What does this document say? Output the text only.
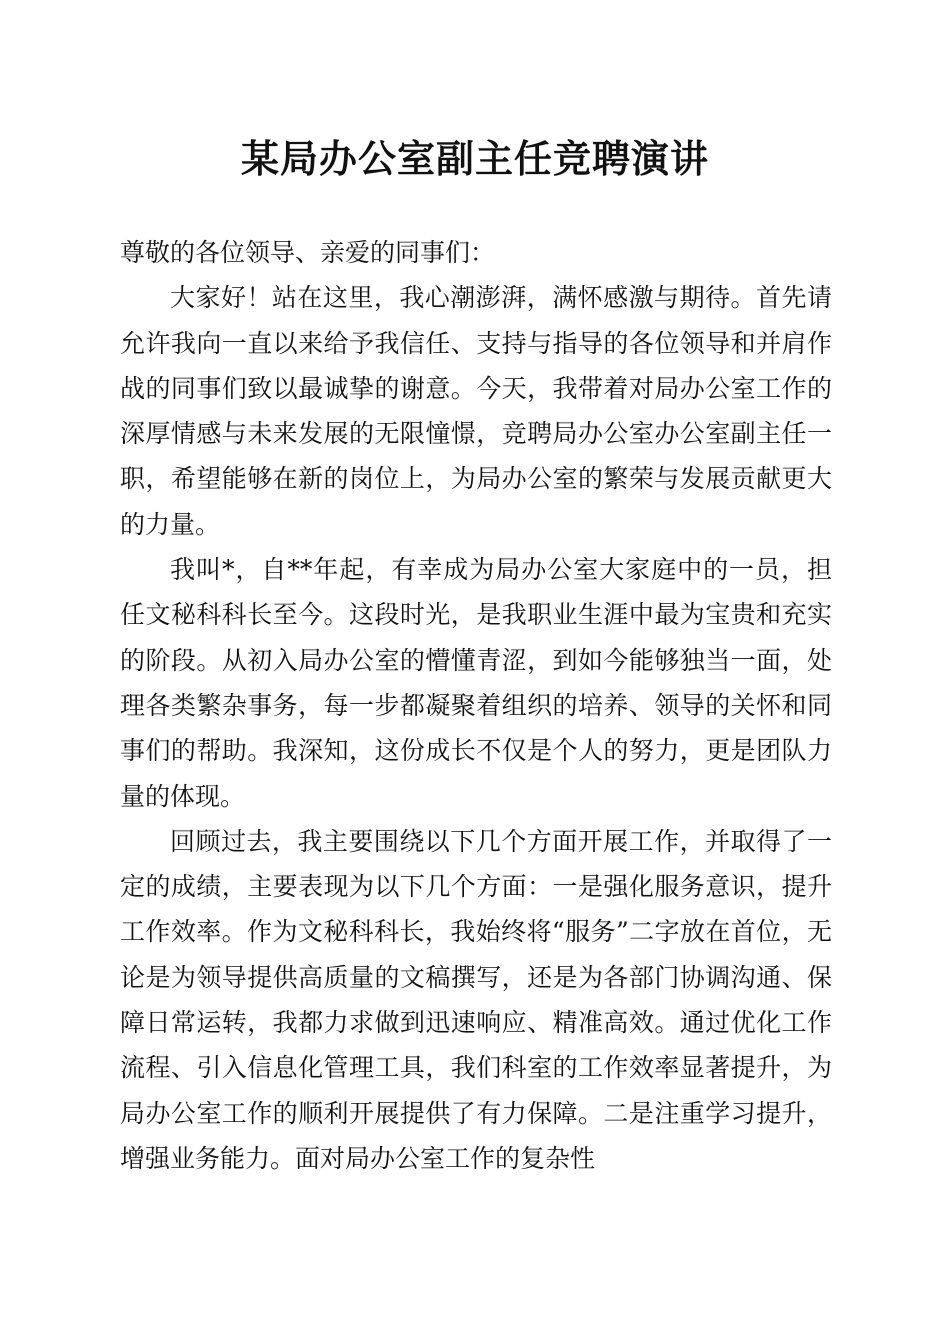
某局办公室副主任竞聘演讲

尊敬的各位领导、亲爱的同事们：

大家好！站在这里，我心潮澎湃，满怀感激与期待。首先请允许我向一直以来给予我信任、支持与指导的各位领导和并肩作战的同事们致以最诚挚的谢意。今天，我带着对局办公室工作的深厚情感与未来发展的无限憧憬，竞聘局办公室办公室副主任一职，希望能够在新的岗位上，为局办公室的繁荣与发展贡献更大的力量。

我叫*，自**年起，有幸成为局办公室大家庭中的一员，担任文秘科科长至今。这段时光，是我职业生涯中最为宝贵和充实的阶段。从初入局办公室的懵懂青涩，到如今能够独当一面，处理各类繁杂事务，每一步都凝聚着组织的培养、领导的关怀和同事们的帮助。我深知，这份成长不仅是个人的努力，更是团队力量的体现。

回顾过去，我主要围绕以下几个方面开展工作，并取得了一定的成绩，主要表现为以下几个方面：一是强化服务意识，提升工作效率。作为文秘科科长，我始终将“服务”二字放在首位，无论是为领导提供高质量的文稿撰写，还是为各部门协调沟通、保障日常运转，我都力求做到迅速响应、精准高效。通过优化工作流程、引入信息化管理工具，我们科室的工作效率显著提升，为局办公室工作的顺利开展提供了有力保障。二是注重学习提升，增强业务能力。面对局办公室工作的复杂性
